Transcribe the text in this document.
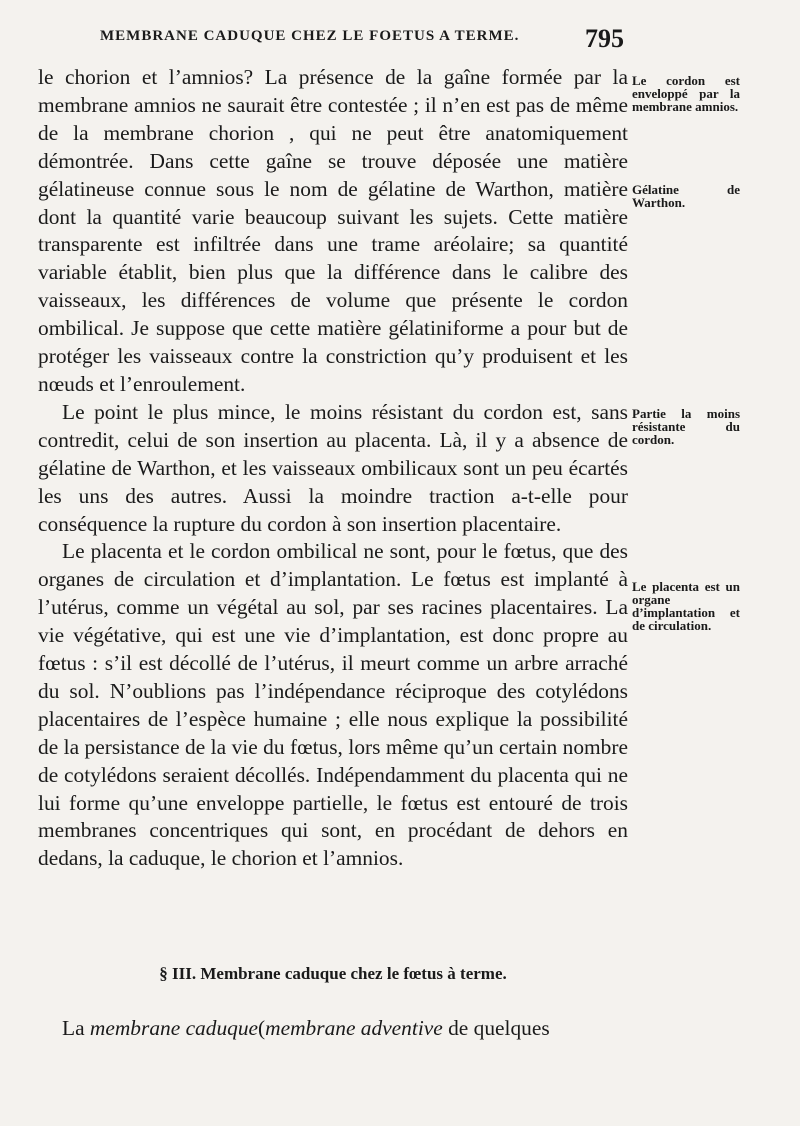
MEMBRANE CADUQUE CHEZ LE FOETUS A TERME.	795

le chorion et l’amnios? La présence de la gaîne formée par la membrane amnios ne saurait être contestée ; il n’en est pas de même de la membrane chorion , qui ne peut être anatomiquement démontrée. Dans cette gaîne se trouve déposée une matière gélatineuse connue sous le nom de gélatine de Warthon, matière dont la quantité varie beaucoup suivant les sujets. Cette matière transparente est infiltrée dans une trame aréolaire; sa quantité variable établit, bien plus que la différence dans le calibre des vaisseaux, les différences de volume que présente le cordon ombilical. Je suppose que cette matière gélatiniforme a pour but de protéger les vaisseaux contre la constriction qu’y produisent et les nœuds et l’enroulement.

Le point le plus mince, le moins résistant du cordon est, sans contredit, celui de son insertion au placenta. Là, il y a absence de gélatine de Warthon, et les vaisseaux ombilicaux sont un peu écartés les uns des autres. Aussi la moindre traction a-t-elle pour conséquence la rupture du cordon à son insertion placentaire.

Le placenta et le cordon ombilical ne sont, pour le fœtus, que des organes de circulation et d’implantation. Le fœtus est implanté à l’utérus, comme un végétal au sol, par ses racines placentaires. La vie végétative, qui est une vie d’implantation, est donc propre au fœtus : s’il est décollé de l’utérus, il meurt comme un arbre arraché du sol. N’oublions pas l’indépendance réciproque des cotylédons placentaires de l’espèce humaine ; elle nous explique la possibilité de la persistance de la vie du fœtus, lors même qu’un certain nombre de cotylédons seraient décollés. Indépendamment du placenta qui ne lui forme qu’une enveloppe partielle, le fœtus est entouré de trois membranes concentriques qui sont, en procédant de dehors en dedans, la caduque, le chorion et l’amnios.

§ III. Membrane caduque chez le fœtus à terme.
La membrane caduque(membrane adventive de quelques
Le cordon est enveloppé par la membrane amnios.
Gélatine de Warthon.
Partie la moins résistante du cordon.
Le placenta est un organe d’implantation et de circulation.
